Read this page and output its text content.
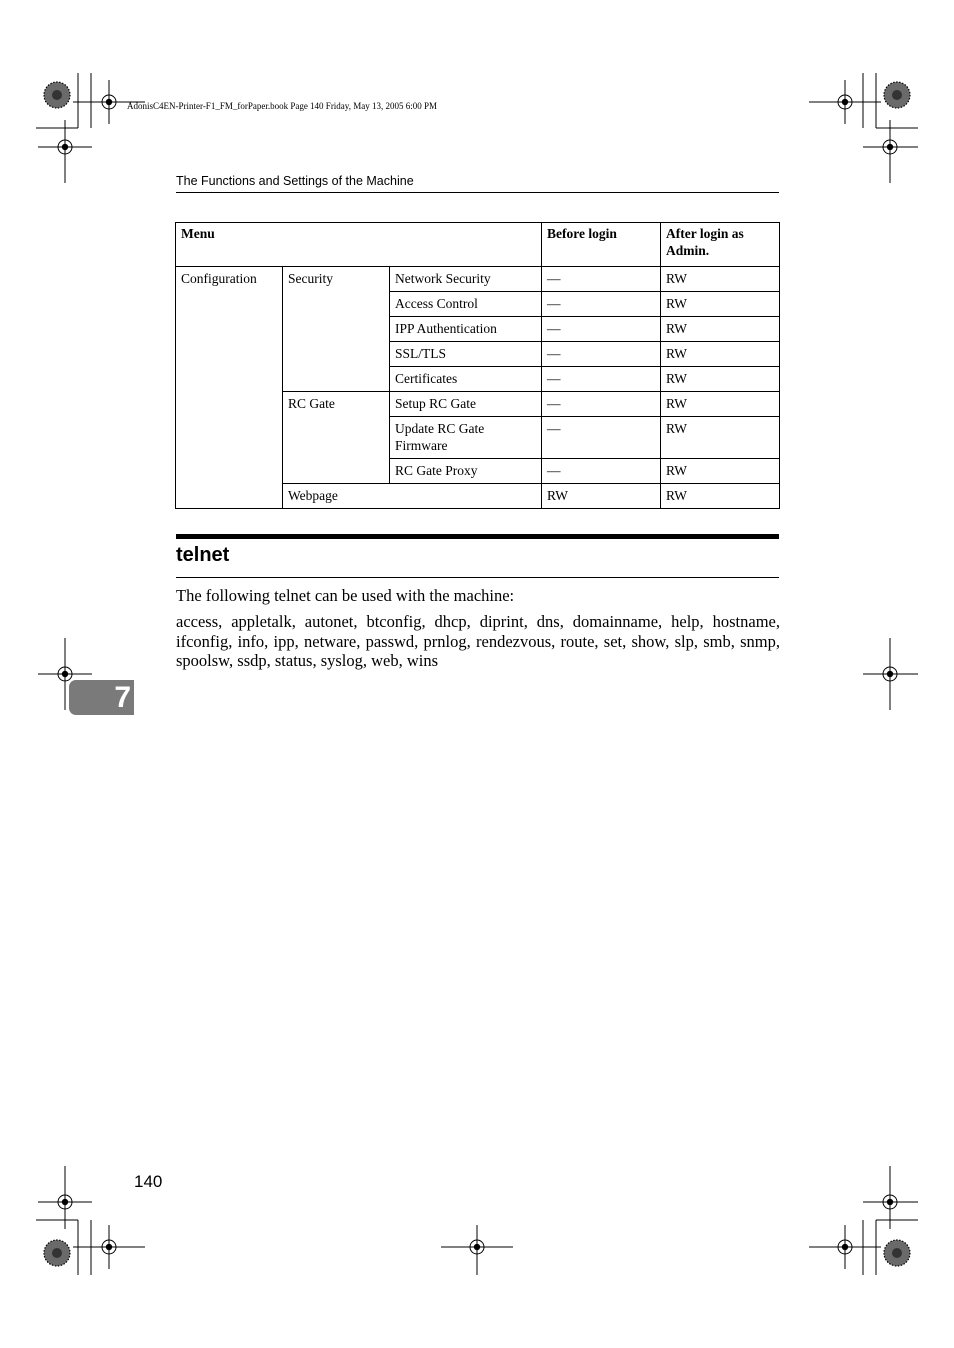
AdonisC4EN-Printer-F1_FM_forPaper.book Page 140 Friday, May 13, 2005 6:00 PM
The Functions and Settings of the Machine
Menu			Before login	After login as Admin.
Configuration	Security	Network Security	—	RW
		Access Control	—	RW
		IPP Authentication	—	RW
		SSL/TLS	—	RW
		Certificates	—	RW
	RC Gate	Setup RC Gate	—	RW
		Update RC Gate Firmware	—	RW
		RC Gate Proxy	—	RW
	Webpage		RW	RW
telnet
The following telnet can be used with the machine:
access, appletalk, autonet, btconfig, dhcp, diprint, dns, domainname, help, hostname, ifconfig, info, ipp, netware, passwd, prnlog, rendezvous, route, set, show, slp, smb, snmp, spoolsw, ssdp, status, syslog, web, wins
7
140
